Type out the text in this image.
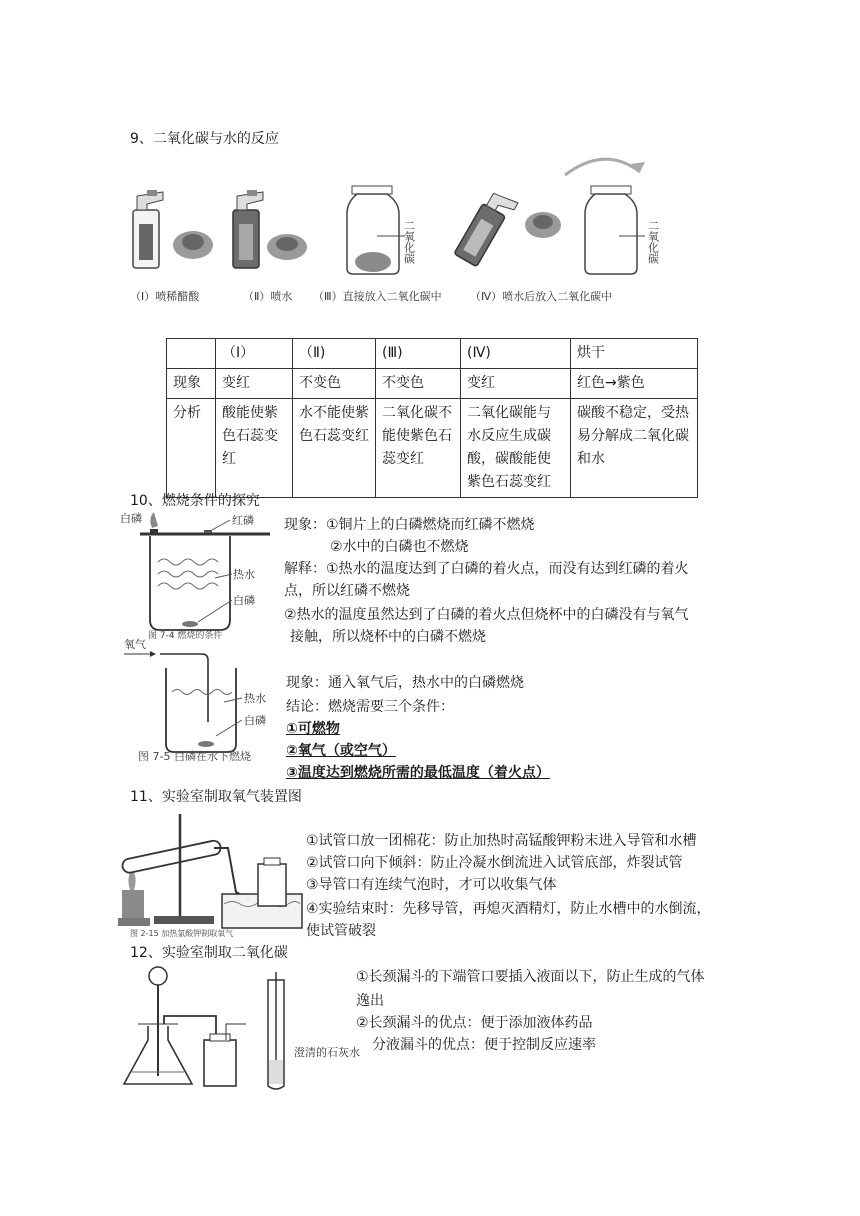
9、二氧化碳与水的反应
二氧化碳	二氧化碳
（Ⅰ）喷稀醋酸	（Ⅱ）喷水 （Ⅲ）直接放入二氧化碳中	（Ⅳ）喷水后放入二氧化碳中
	（Ⅰ）	（Ⅱ)	(Ⅲ)	(Ⅳ)	烘干
现象	变红	不变色	不变色	变红	红色→紫色
分析	酸能使紫色石蕊变红	水不能使紫色石蕊变红	二氧化碳不能使紫色石蕊变红	二氧化碳能与水反应生成碳酸，碳酸能使紫色石蕊变红	碳酸不稳定，受热易分解成二氧化碳和水
10、燃烧条件的探究
白磷	红磷
热水
白磷
图 7-4 燃烧的条件
现象：①铜片上的白磷燃烧而红磷不燃烧
②水中的白磷也不燃烧
解释：①热水的温度达到了白磷的着火点，而没有达到红磷的着火
点，所以红磷不燃烧
②热水的温度虽然达到了白磷的着火点但烧杯中的白磷没有与氧气
接触，所以烧杯中的白磷不燃烧
氧气
热水
白磷
图 7-5 白磷在水下燃烧
现象：通入氧气后，热水中的白磷燃烧
结论：燃烧需要三个条件：
①可燃物
②氧气（或空气）
③温度达到燃烧所需的最低温度（着火点）
11、实验室制取氧气装置图
图 2-15 加热氯酸钾制取氧气
①试管口放一团棉花：防止加热时高锰酸钾粉末进入导管和水槽
②试管口向下倾斜：防止冷凝水倒流进入试管底部，炸裂试管
③导管口有连续气泡时，才可以收集气体
④实验结束时：先移导管，再熄灭酒精灯，防止水槽中的水倒流，
使试管破裂
12、实验室制取二氧化碳
澄清的石灰水
①长颈漏斗的下端管口要插入液面以下，防止生成的气体
逸出
②长颈漏斗的优点：便于添加液体药品
分液漏斗的优点：便于控制反应速率
